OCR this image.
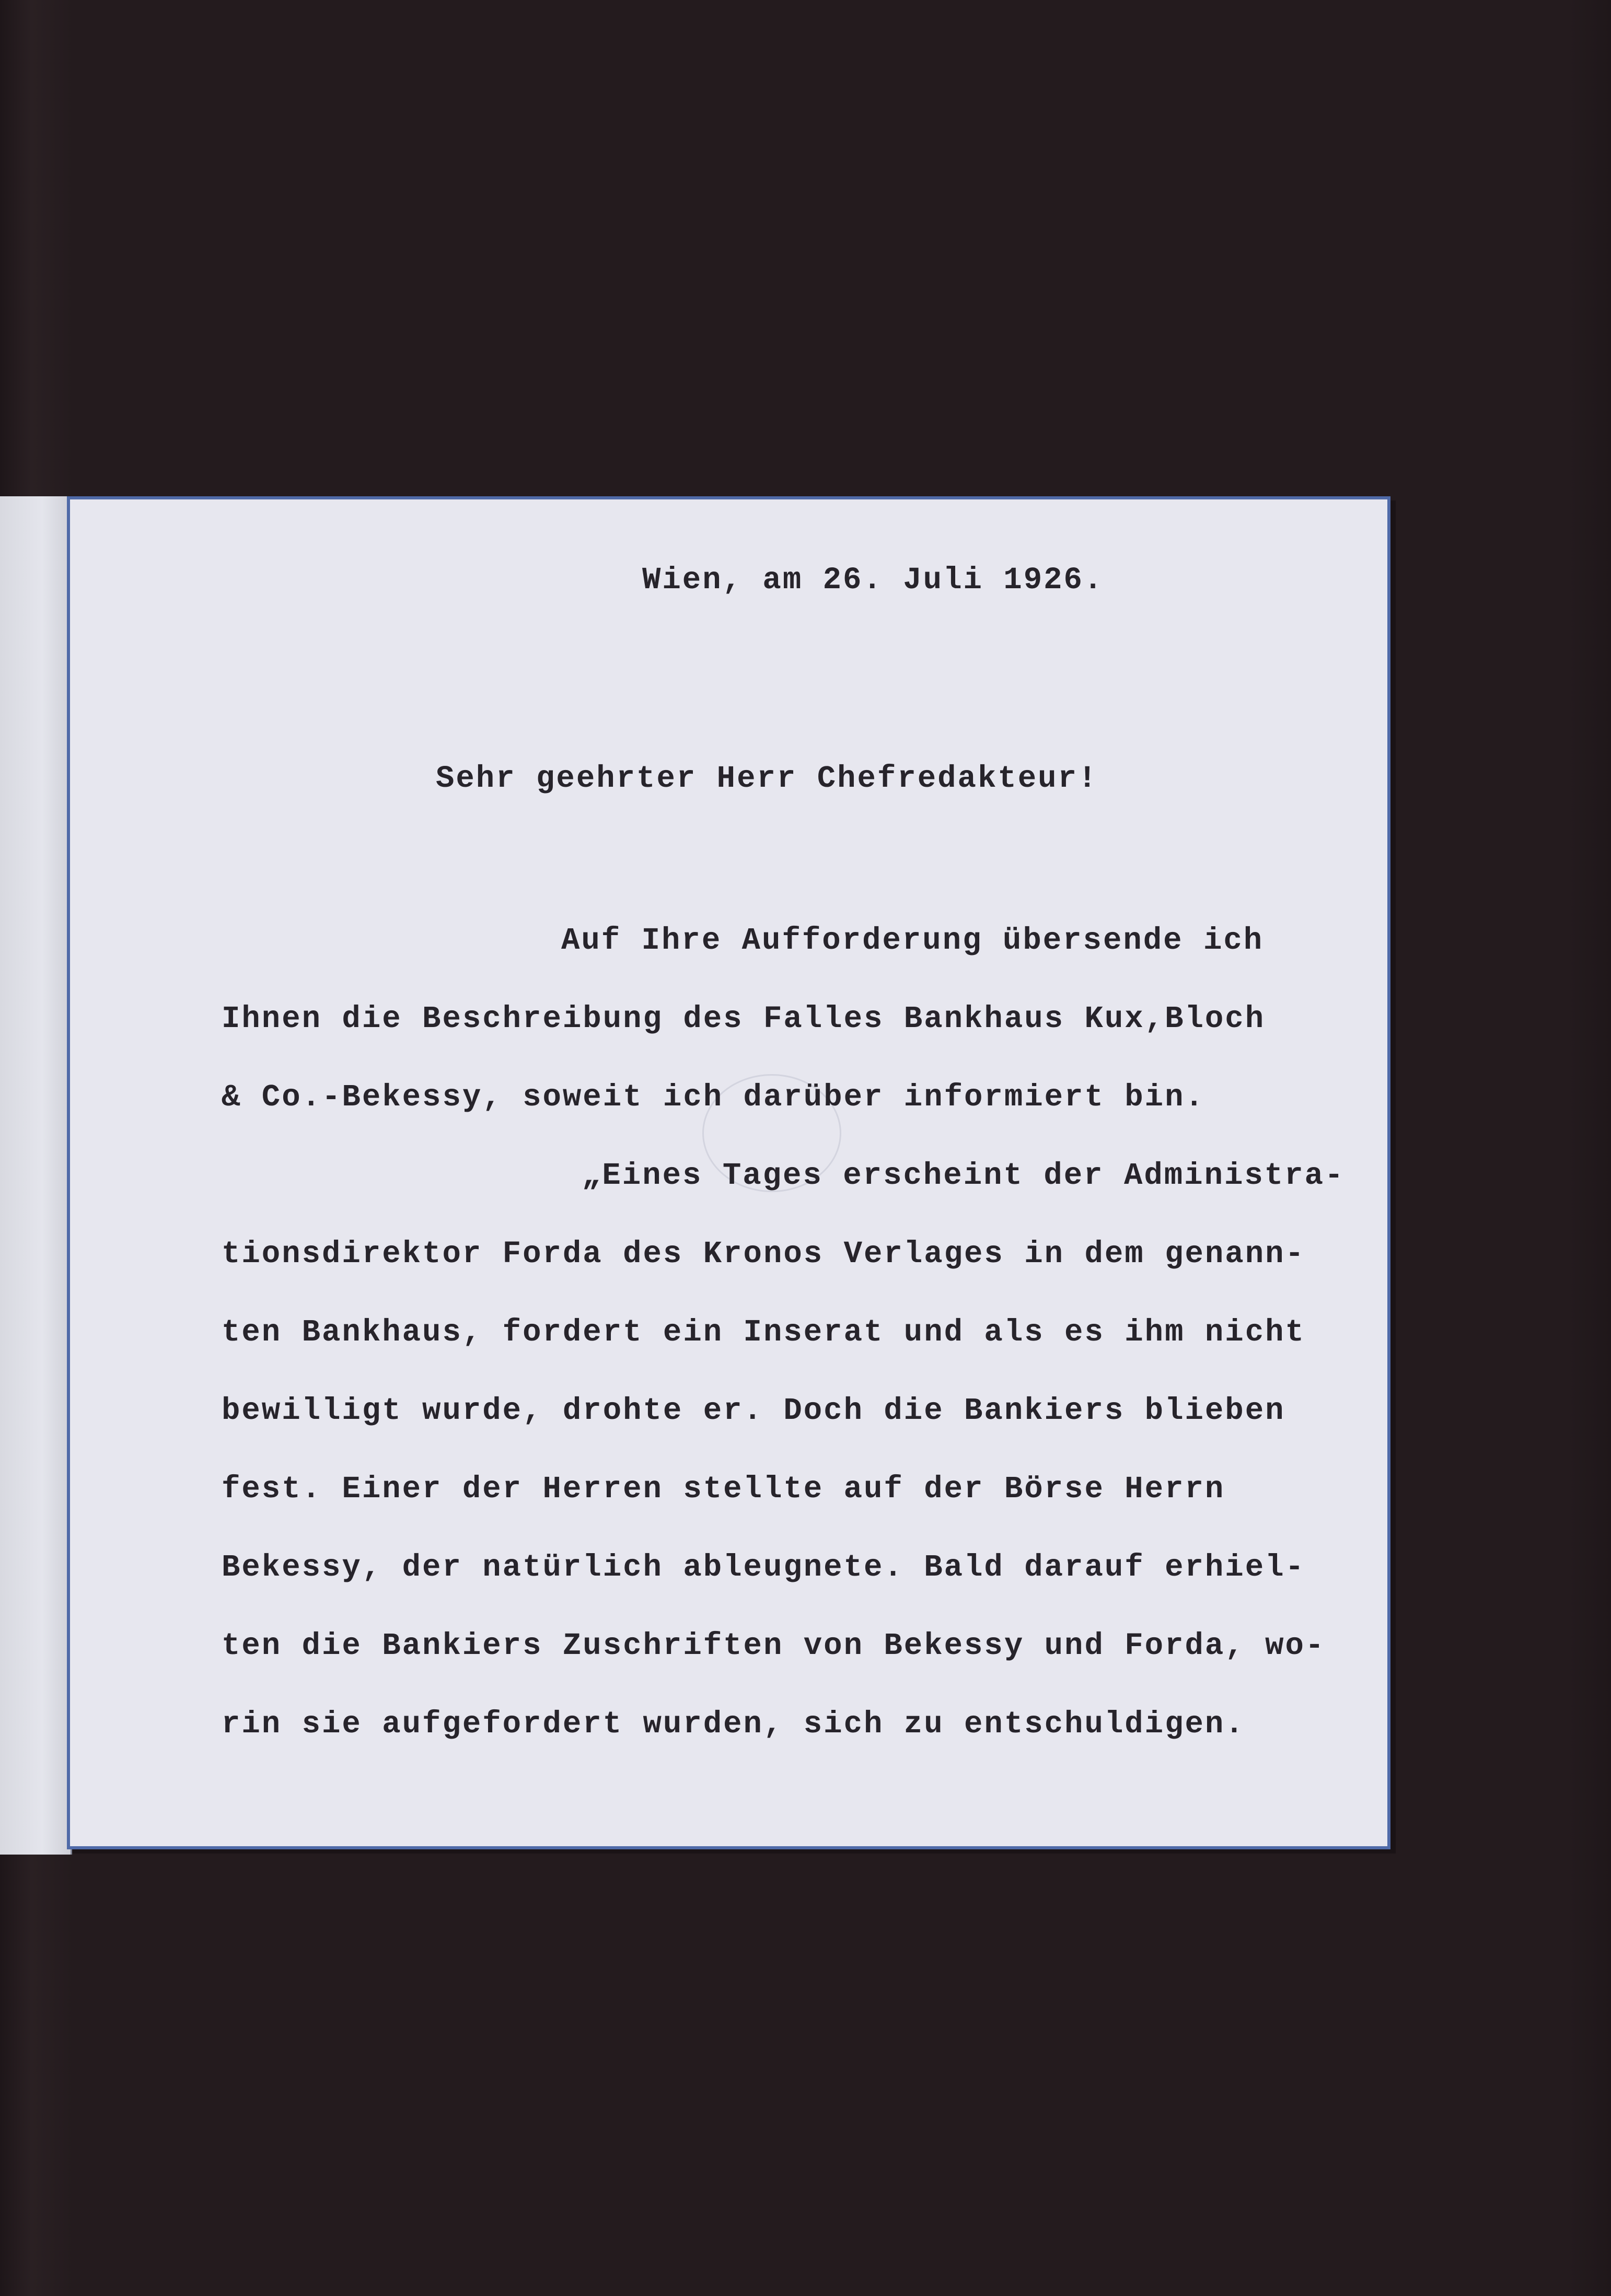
Wien, am 26. Juli 1926.

Sehr geehrter Herr Chefredakteur!

Auf Ihre Aufforderung übersende ich

Ihnen die Beschreibung des Falles Bankhaus Kux,Bloch

& Co.-Bekessy, soweit ich darüber informiert bin.

„Eines Tages erscheint der Administra-

tionsdirektor Forda des Kronos Verlages in dem genann-

ten Bankhaus, fordert ein Inserat und als es ihm nicht

bewilligt wurde, drohte er. Doch die Bankiers blieben

fest. Einer der Herren stellte auf der Börse Herrn

Bekessy, der natürlich ableugnete. Bald darauf erhiel-

ten die Bankiers Zuschriften von Bekessy und Forda, wo-

rin sie aufgefordert wurden, sich zu entschuldigen.
